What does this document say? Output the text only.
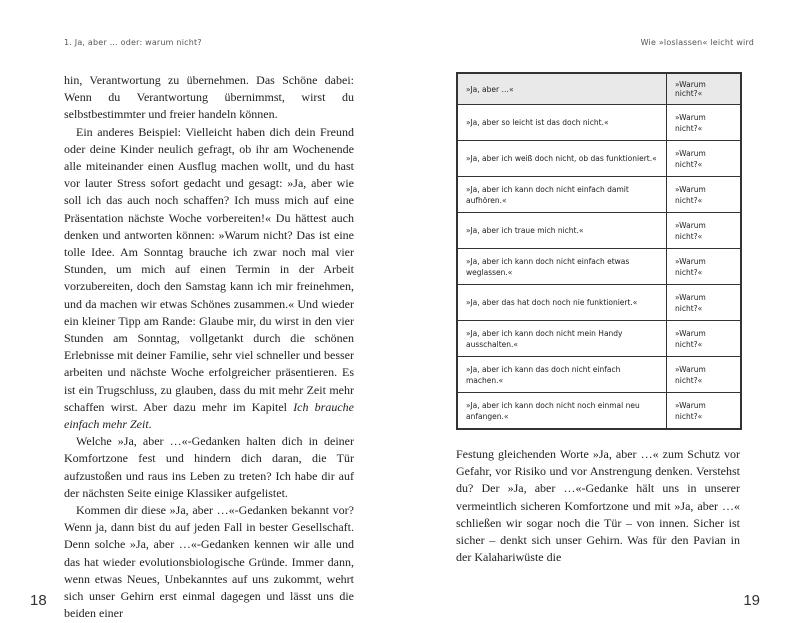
1. Ja, aber … oder: warum nicht?

hin, Verantwortung zu übernehmen. Das Schöne dabei: Wenn du Verantwortung übernimmst, wirst du selbstbestimmter und freier handeln können.

Ein anderes Beispiel: Vielleicht haben dich dein Freund oder deine Kinder neulich gefragt, ob ihr am Wochenende alle miteinander einen Ausflug machen wollt, und du hast vor lauter Stress sofort gedacht und gesagt: »Ja, aber wie soll ich das auch noch schaffen? Ich muss mich auf eine Präsentation nächste Woche vorbereiten!« Du hättest auch denken und antworten können: »Warum nicht? Das ist eine tolle Idee. Am Sonntag brauche ich zwar noch mal vier Stunden, um mich auf einen Termin in der Arbeit vorzubereiten, doch den Samstag kann ich mir freinehmen, und da machen wir etwas Schönes zusammen.« Und wieder ein kleiner Tipp am Rande: Glaube mir, du wirst in den vier Stunden am Sonntag, vollgetankt durch die schönen Erlebnisse mit deiner Familie, sehr viel schneller und besser arbeiten und nächste Woche erfolgreicher präsentieren. Es ist ein Trugschluss, zu glauben, dass du mit mehr Zeit mehr schaffen wirst. Aber dazu mehr im Kapitel Ich brauche einfach mehr Zeit.

Welche »Ja, aber …«-Gedanken halten dich in deiner Komfortzone fest und hindern dich daran, die Tür aufzustoßen und raus ins Leben zu treten? Ich habe dir auf der nächsten Seite einige Klassiker aufgelistet.

Kommen dir diese »Ja, aber …«-Gedanken bekannt vor? Wenn ja, dann bist du auf jeden Fall in bester Gesellschaft. Denn solche »Ja, aber …«-Gedanken kennen wir alle und das hat wieder evolutionsbiologische Gründe. Immer dann, wenn etwas Neues, Unbekanntes auf uns zukommt, wehrt sich unser Gehirn erst einmal dagegen und lässt uns die beiden einer

18
Wie »loslassen« leicht wird
»Ja, aber …«	»Warum nicht?«
»Ja, aber so leicht ist das doch nicht.«	»Warum nicht?«
»Ja, aber ich weiß doch nicht, ob das funktioniert.«	»Warum nicht?«
»Ja, aber ich kann doch nicht einfach damit aufhören.«	»Warum nicht?«
»Ja, aber ich traue mich nicht.«	»Warum nicht?«
»Ja, aber ich kann doch nicht einfach etwas weglassen.«	»Warum nicht?«
»Ja, aber das hat doch noch nie funktioniert.«	»Warum nicht?«
»Ja, aber ich kann doch nicht mein Handy ausschalten.«	»Warum nicht?«
»Ja, aber ich kann das doch nicht einfach machen.«	»Warum nicht?«
»Ja, aber ich kann doch nicht noch einmal neu anfangen.«	»Warum nicht?«

Festung gleichenden Worte »Ja, aber …« zum Schutz vor Gefahr, vor Risiko und vor Anstrengung denken. Verstehst du? Der »Ja, aber …«-Gedanke hält uns in unserer vermeintlich sicheren Komfortzone und mit »Ja, aber …« schließen wir sogar noch die Tür – von innen. Sicher ist sicher – denkt sich unser Gehirn. Was für den Pavian in der Kalahariwüste die

19
